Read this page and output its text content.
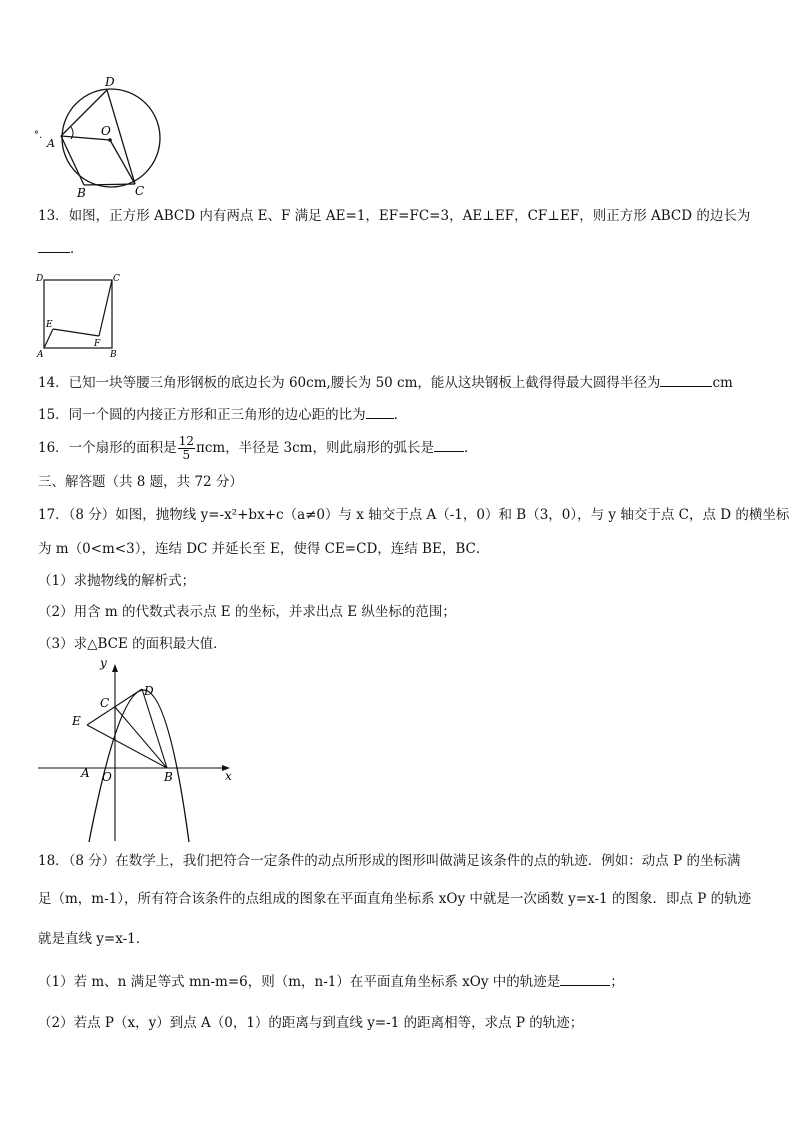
D
O
°.
A
B	C
13．如图，正方形 ABCD 内有两点 E、F 满足 AE=1，EF=FC=3，AE⊥EF，CF⊥EF，则正方形 ABCD 的边长为
．
D	C
E
F
A	B
14．已知一块等腰三角形钢板的底边长为 60cm,腰长为 50 cm，能从这块钢板上截得得最大圆得半径为	cm
15．同一个圆的内接正方形和正三角形的边心距的比为 ．
16．一个扇形的面积是 $\frac{12}{5}$ πcm，半径是 3cm，则此扇形的弧长是 ．
三、解答题（共 8 题，共 72 分）
17．（8 分）如图，抛物线 y=-x²+bx+c（a≠0）与 x 轴交于点 A（-1，0）和 B（3，0），与 y 轴交于点 C，点 D 的横坐标
为 m（0<m<3），连结 DC 并延长至 E，使得 CE=CD，连结 BE，BC．
（1）求抛物线的解析式；
（2）用含 m 的代数式表示点 E 的坐标，并求出点 E 纵坐标的范围；
（3）求△BCE 的面积最大值．
y
x
C
D
E
A O	B
18．（8 分）在数学上，我们把符合一定条件的动点所形成的图形叫做满足该条件的点的轨迹．例如：动点 P 的坐标满
足（m，m-1），所有符合该条件的点组成的图象在平面直角坐标系 xOy 中就是一次函数 y=x-1 的图象．即点 P 的轨迹
就是直线 y=x-1．
（1）若 m、n 满足等式 mn-m=6，则（m，n-1）在平面直角坐标系 xOy 中的轨迹是	；
（2）若点 P（x，y）到点 A（0，1）的距离与到直线 y=-1 的距离相等，求点 P 的轨迹；
